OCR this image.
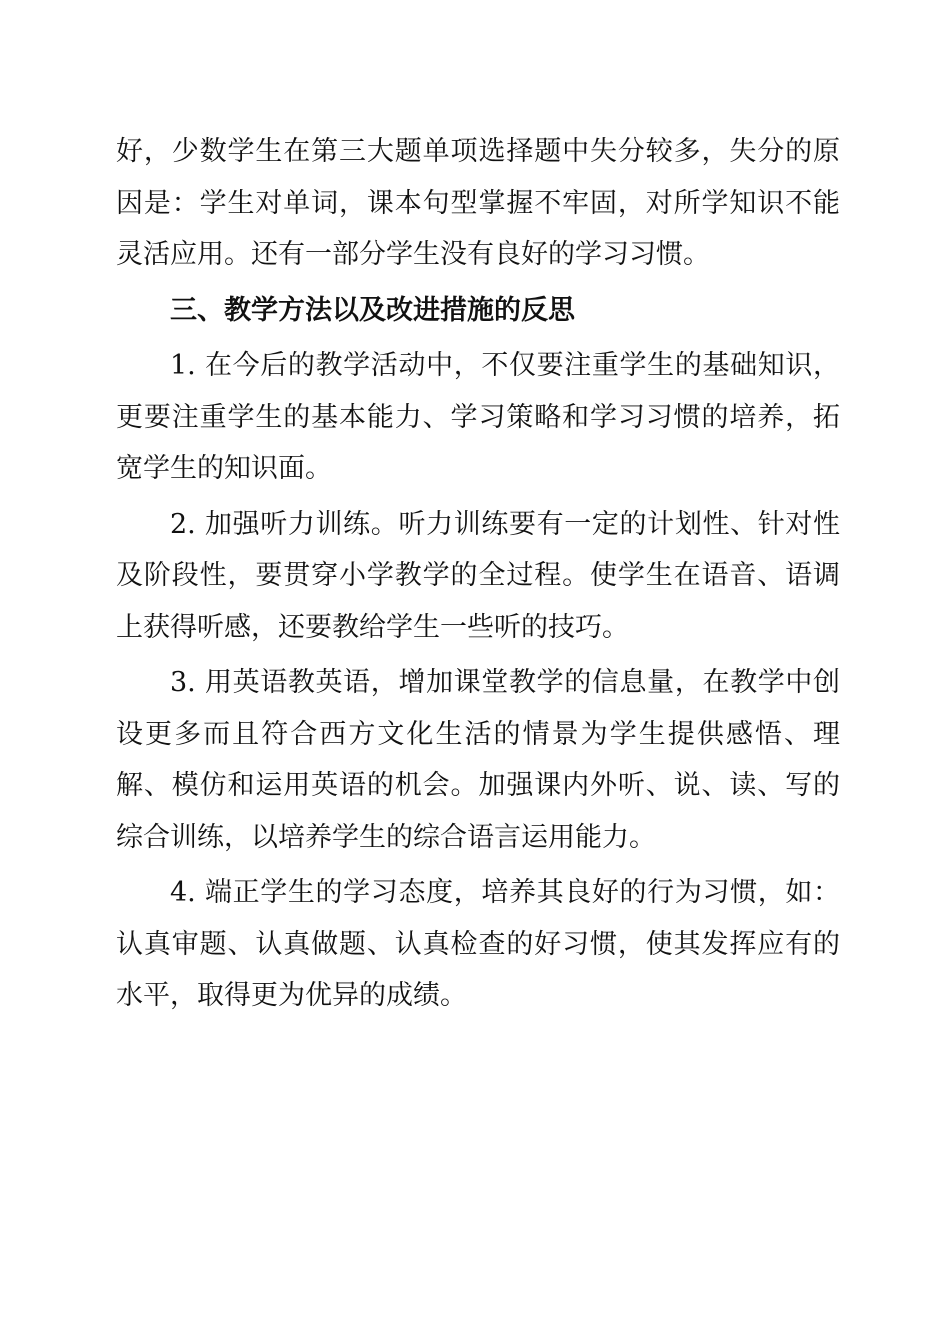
好，少数学生在第三大题单项选择题中失分较多，失分的原因是：学生对单词，课本句型掌握不牢固，对所学知识不能灵活应用。还有一部分学生没有良好的学习习惯。

三、教学方法以及改进措施的反思

1. 在今后的教学活动中，不仅要注重学生的基础知识，更要注重学生的基本能力、学习策略和学习习惯的培养，拓宽学生的知识面。

2. 加强听力训练。听力训练要有一定的计划性、针对性及阶段性，要贯穿小学教学的全过程。使学生在语音、语调上获得听感，还要教给学生一些听的技巧。

3. 用英语教英语，增加课堂教学的信息量，在教学中创设更多而且符合西方文化生活的情景为学生提供感悟、理解、模仿和运用英语的机会。加强课内外听、说、读、写的综合训练，以培养学生的综合语言运用能力。

4. 端正学生的学习态度，培养其良好的行为习惯，如：认真审题、认真做题、认真检查的好习惯，使其发挥应有的水平，取得更为优异的成绩。
